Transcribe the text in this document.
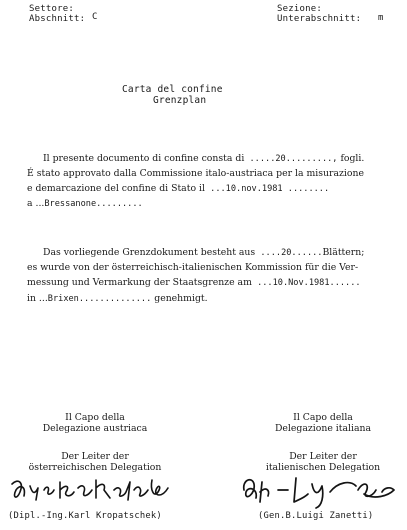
Settore:
Abschnitt: C
Sezione:
Unterabschnitt: m
Carta del confine
Grenzplan
Il presente documento di confine consta di .....20........., fogli.
É stato approvato dalla Commissione italo-austriaca per la misurazione
e demarcazione del confine di Stato il ...10.nov.1981 ........
a ...Bressanone.........
Das vorliegende Grenzdokument besteht aus ....20......Blättern;
es wurde von der österreichisch-italienischen Kommission für die Ver-
messung und Vermarkung der Staatsgrenze am ...10.Nov.1981......
in ...Brixen.............. genehmigt.
Il Capo della
Delegazione austriaca
Der Leiter der
österreichischen Delegation
(Dipl.-Ing.Karl Kropatschek)
Il Capo della
Delegazione italiana
Der Leiter der
italienischen Delegation
(Gen.B.Luigi Zanetti)
